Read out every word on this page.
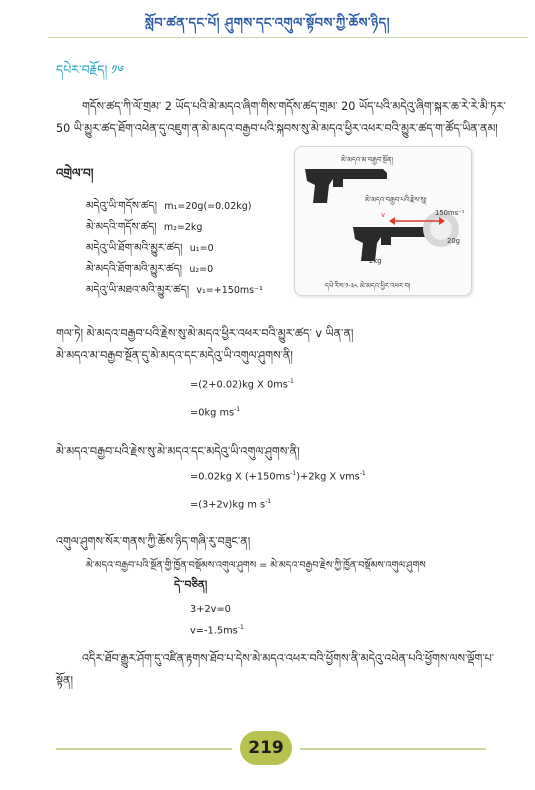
སློབ་ཚན་དང་པོ། ཤུགས་དང་འགུལ་སྟོབས་ཀྱི་ཆོས་ཉིད།
དཔེར་བརྗོད། ༡༦
གདོས་ཚད་ཀི་ལོ་གྲམ་ 2 ཡོད་པའི་མེ་མདའ་ཞིག་གིས་གདོས་ཚད་གྲམ་ 20 ཡོད་པའི་མདེའུ་ཞིག་སྐར་ཆ་རེ་རེ་མི་ཏར་ 50 ཡི་མྱུར་ཚད་ཐོག་འཕེན་དུ་འཇུག་ན་མེ་མདའ་བརྒྱབ་པའི་སྐབས་སུ་མེ་མདའ་ཕྱིར་འཕར་བའི་མྱུར་ཚད་ག་ཚོད་ཡིན་ནམ།
འགྲེལ་བ།
མདེའུ་ཡི་གདོས་ཚད། m₁=20g(=0.02kg)
མེ་མདའི་གདོས་ཚད། m₂=2kg
མདེའུ་ཡི་ཐོག་མའི་མྱུར་ཚད། u₁=0
མེ་མདའི་ཐོག་མའི་མྱུར་ཚད། u₂=0
མདེའུ་ཡི་མཐའ་མའི་མྱུར་ཚད། v₁=+150ms⁻¹
མེ་མདའ་མ་བརྒྱབ་སྔོན།
མེ་མདའ་བརྒྱབ་པའི་རྗེས་སུ།
v	150ms⁻¹
20g
2kg
དཔེ་རིས་༡-༣༨ མེ་མདའ་ཕྱིར་འཕར་བ།
གལ་ཏེ། མེ་མདའ་བརྒྱབ་པའི་རྗེས་སུ་མེ་མདའ་ཕྱིར་འཕར་བའི་མྱུར་ཚད་ v ཡིན་ན།
མེ་མདའ་མ་བརྒྱབ་སྔོན་དུ་མེ་མདའ་དང་མདེའུ་ཡི་འགུལ་ཤུགས་ནི།
=(2+0.02)kg X $0ms^{-1}$
=0kg $ms^{-1}$
མེ་མདའ་བརྒྱབ་པའི་རྗེས་སུ་མེ་མདའ་དང་མདེའུ་ཡི་འགུལ་ཤུགས་ནི།
=0.02kg X $(+150ms^{-1})+2kg$ X vms$^{-1}$
=(3+2v)kg m $s^{-1}$
འགུལ་ཤུགས་སོར་གནས་ཀྱི་ཆོས་ཉིད་གཞི་རུ་བཟུང་ན།
མེ་མདའ་བརྒྱབ་པའི་སྔོན་གྱི་ཁྱོན་བསྡོམས་འགུལ་ཤུགས = མེ་མདའ་བརྒྱབ་རྗེས་ཀྱི་ཁྱོན་བསྡོམས་འགུལ་ཤུགས
དེ་་བཅིན།
3+2v=0
$v=-1.5ms^{-1}$
འདིར་ཐོབ་རྒྱུར་ཤོག་དུ་འཛིན་རྟགས་ཐོབ་པ་དེས་མེ་མདའ་འཕར་བའི་ཕྱོགས་ནི་མདེའུ་འཕེན་པའི་ཕྱོགས་ལས་ལྡོག་པ་སྟོན།
219
